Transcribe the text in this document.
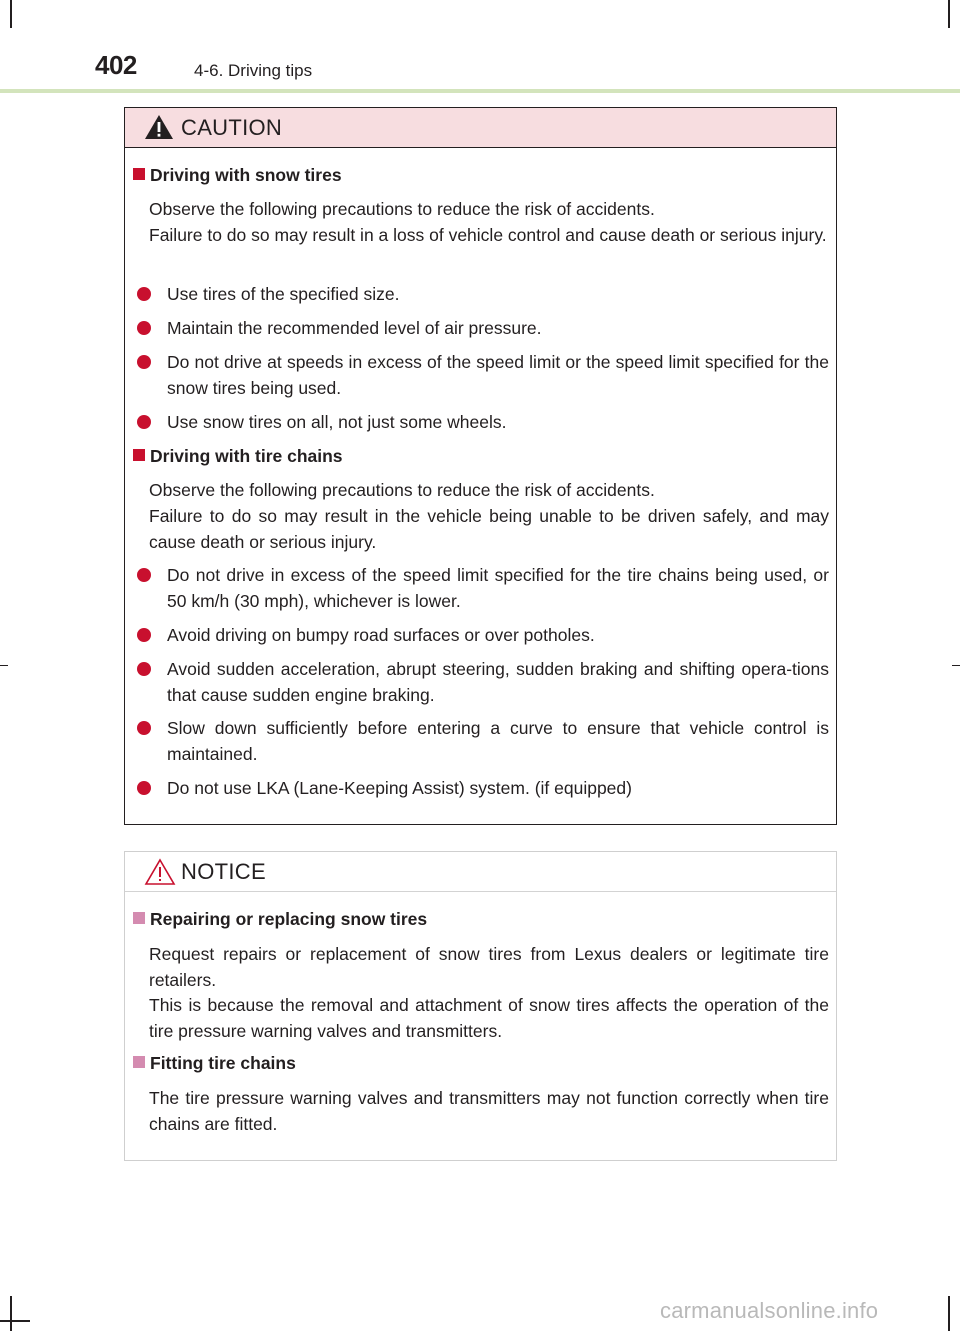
402	4-6. Driving tips
CAUTION
Driving with snow tires
Observe the following precautions to reduce the risk of accidents.
Failure to do so may result in a loss of vehicle control and cause death or serious injury.
Use tires of the specified size.
Maintain the recommended level of air pressure.
Do not drive at speeds in excess of the speed limit or the speed limit specified for the snow tires being used.
Use snow tires on all, not just some wheels.
Driving with tire chains
Observe the following precautions to reduce the risk of accidents.
Failure to do so may result in the vehicle being unable to be driven safely, and may cause death or serious injury.
Do not drive in excess of the speed limit specified for the tire chains being used, or 50 km/h (30 mph), whichever is lower.
Avoid driving on bumpy road surfaces or over potholes.
Avoid sudden acceleration, abrupt steering, sudden braking and shifting opera-tions that cause sudden engine braking.
Slow down sufficiently before entering a curve to ensure that vehicle control is maintained.
Do not use LKA (Lane-Keeping Assist) system. (if equipped)
NOTICE
Repairing or replacing snow tires
Request repairs or replacement of snow tires from Lexus dealers or legitimate tire retailers.
This is because the removal and attachment of snow tires affects the operation of the tire pressure warning valves and transmitters.
Fitting tire chains
The tire pressure warning valves and transmitters may not function correctly when tire chains are fitted.
carmanualsonline.info
